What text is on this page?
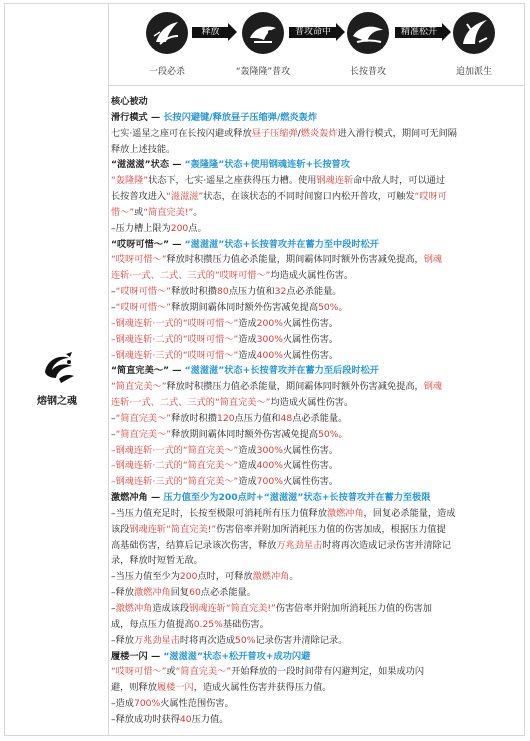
熔钢之魂
一段必杀
释放
“轰隆隆”普攻
普攻命中
长按普攻
精准松开
追加派生

核心被动

滑行模式 — 长按闪避键/释放昼子压缩弹/燃炎轰炸

七实·遥星之座可在长按闪避或释放昼子压缩弹/燃炎轰炸进入滑行模式，期间可无间隔

释放上述技能。

“滋滋滋”状态 — “轰隆隆”状态+使用钢魂连斩+长按普攻

“轰隆隆”状态下，七实·遥星之座获得压力槽。使用钢魂连斩命中敌人时，可以通过

长按普攻进入“滋滋滋”状态，在该状态的不同时间窗口内松开普攻，可触发“哎呀可

惜～”或“简直完美!”。

–压力槽上限为200点。

“哎呀可惜～” — “滋滋滋”状态+长按普攻并在蓄力至中段时松开

“哎呀可惜～”释放时积攒压力值必杀能量，期间霸体同时额外伤害减免提高，钢魂

连斩·一式、二式、三式的“哎呀可惜～”均造成火属性伤害。

–“哎呀可惜～”释放时积攒80点压力值和32点必杀能量。

–“哎呀可惜～”释放期间霸体同时额外伤害减免提高50%。

–钢魂连斩·一式的“哎呀可惜～”造成200%火属性伤害。

–钢魂连斩·二式的“哎呀可惜～”造成300%火属性伤害。

–钢魂连斩·三式的“哎呀可惜～”造成400%火属性伤害。

“简直完美～” — “滋滋滋”状态+长按普攻并在蓄力至后段时松开

“简直完美～”释放时积攒压力值必杀能量，期间霸体同时额外伤害减免提高，钢魂

连斩·一式、二式、三式的“简直完美～”均造成火属性伤害。

–“简直完美～”释放时积攒120点压力值和48点必杀能量。

–“简直完美～”释放期间霸体同时额外伤害减免提高50%。

–钢魂连斩·一式的“简直完美～”造成300%火属性伤害。

–钢魂连斩·二式的“简直完美～”造成400%火属性伤害。

–钢魂连斩·三式的“简直完美～”造成700%火属性伤害。

激燃冲角 — 压力值至少为200点时+“滋滋滋”状态+长按普攻并在蓄力至极限

–当压力值充足时，长按至极限可消耗所有压力值释放激燃冲角，回复必杀能量，造成

该段钢魂连斩“简直完美!”伤害倍率并附加所消耗压力值的伤害加成，根据压力值提

高基础伤害，结算后记录该次伤害，释放万兆劲星击时将再次造成记录伤害并清除记

录，释放时短暂无敌。

–当压力值至少为200点时，可释放激燃冲角。

–释放激燃冲角回复60点必杀能量。

–激燃冲角造成该段钢魂连斩“简直完美!”伤害倍率并附加所消耗压力值的伤害加

成，每点压力值提高0.25%基础伤害。

–释放万兆劲星击时将再次造成50%记录伤害并清除记录。

履楼一闪 — “滋滋滋”状态+松开普攻+成功闪避

“哎呀可惜～”或“简直完美～”开始释放的一段时间带有闪避判定，如果成功闪

避，则释放履楼一闪，造成火属性伤害并获得压力值。

–造成700%火属性范围伤害。

–释放成功时获得40压力值。
